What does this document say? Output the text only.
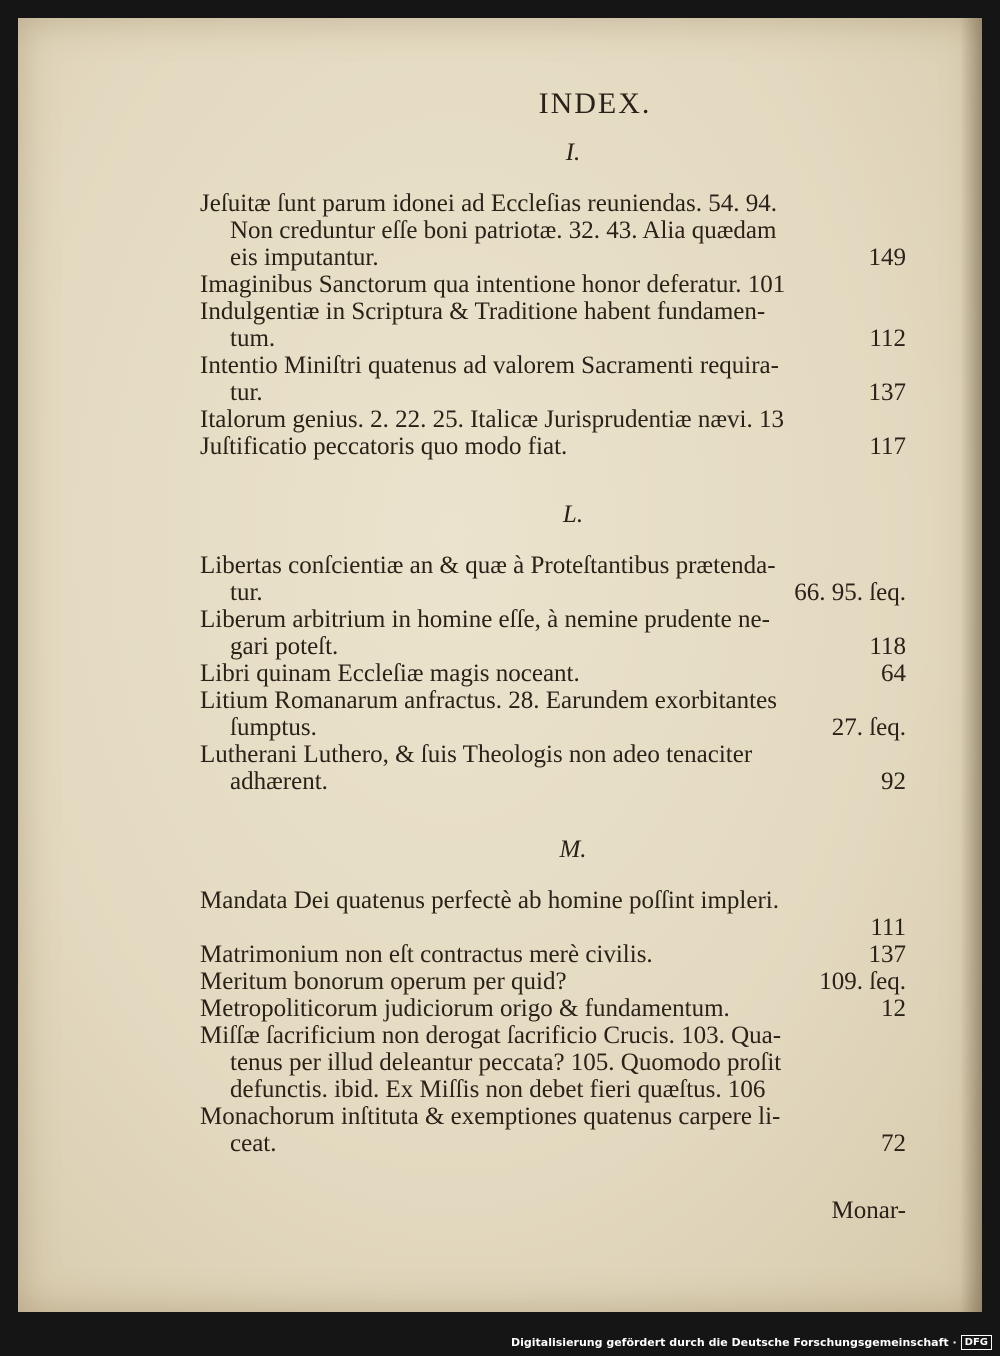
INDEX.
I.
Jeſuitæ ſunt parum idonei ad Eccleſias reuniendas. 54. 94.
Non creduntur eſſe boni patriotæ. 32. 43. Alia quædam
eis imputantur.	149
Imaginibus Sanctorum qua intentione honor deferatur. 101
Indulgentiæ in Scriptura & Traditione habent fundamen-
tum.	112
Intentio Miniſtri quatenus ad valorem Sacramenti requira-
tur.	137
Italorum genius. 2. 22. 25. Italicæ Jurisprudentiæ nævi. 13
Juſtificatio peccatoris quo modo fiat.	117
L.
Libertas conſcientiæ an & quæ à Proteſtantibus prætenda-
tur.	66. 95. ſeq.
Liberum arbitrium in homine eſſe, à nemine prudente ne-
gari poteſt.	118
Libri quinam Eccleſiæ magis noceant.	64
Litium Romanarum anfractus. 28. Earundem exorbitantes
ſumptus.	27. ſeq.
Lutherani Luthero, & ſuis Theologis non adeo tenaciter
adhærent.	92
M.
Mandata Dei quatenus perfectè ab homine poſſint impleri.
111
Matrimonium non eſt contractus merè civilis.	137
Meritum bonorum operum per quid?	109. ſeq.
Metropoliticorum judiciorum origo & fundamentum.	12
Miſſæ ſacrificium non derogat ſacrificio Crucis. 103. Qua-
tenus per illud deleantur peccata? 105. Quomodo proſit
defunctis. ibid. Ex Miſſis non debet fieri quæſtus. 106
Monachorum inſtituta & exemptiones quatenus carpere li-
ceat.	72
Monar-
Digitalisierung gefördert durch die Deutsche Forschungsgemeinschaft · DFG
